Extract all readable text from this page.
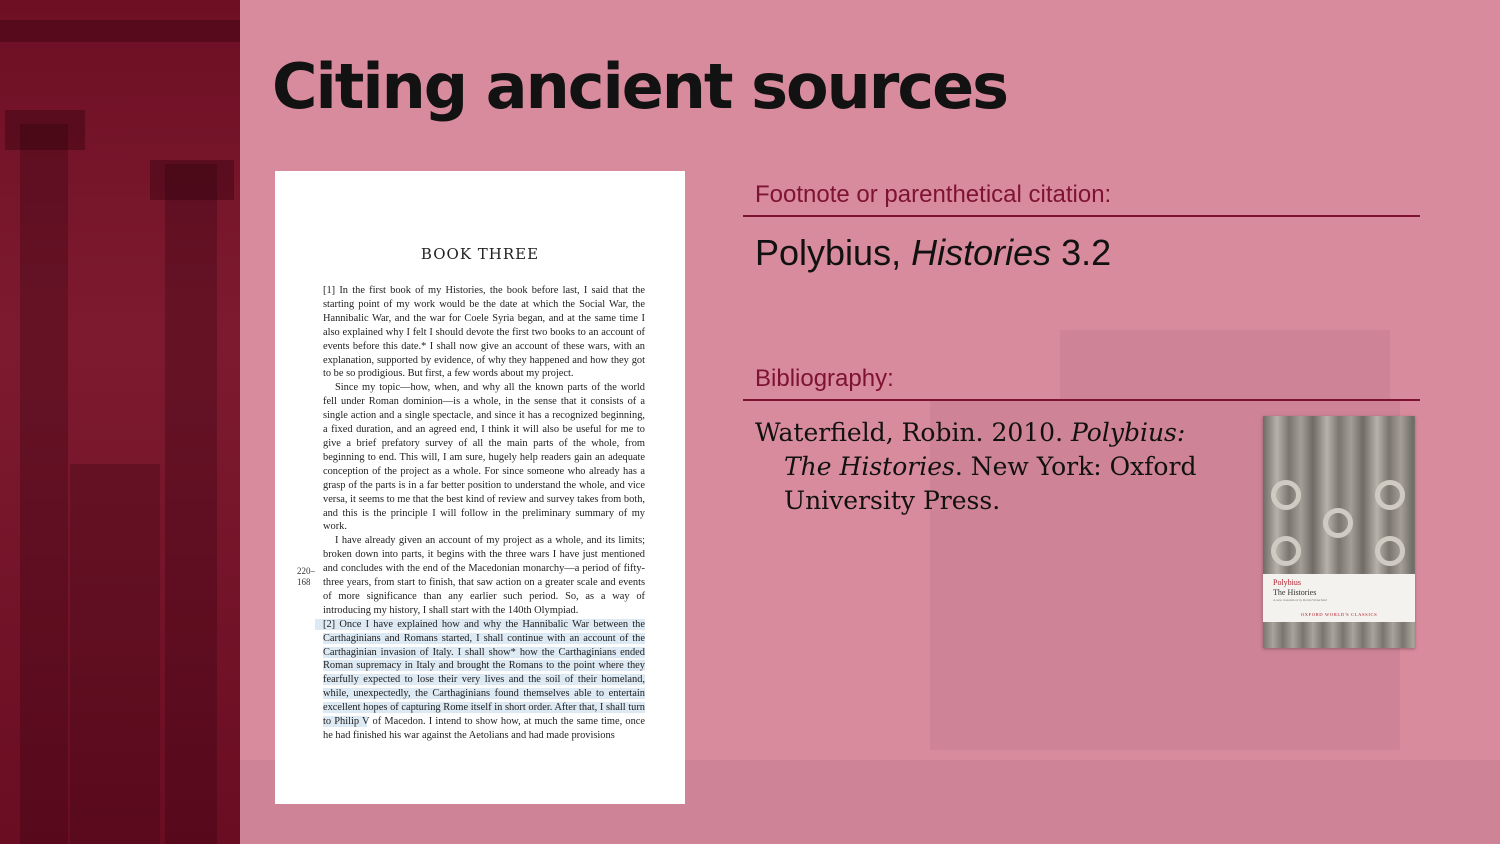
Citing ancient sources
BOOK THREE
220–
168

[1] In the first book of my Histories, the book before last, I said that the starting point of my work would be the date at which the Social War, the Hannibalic War, and the war for Coele Syria began, and at the same time I also explained why I felt I should devote the first two books to an account of events before this date.* I shall now give an account of these wars, with an explanation, supported by evidence, of why they happened and how they got to be so prodigious. But first, a few words about my project.

Since my topic—how, when, and why all the known parts of the world fell under Roman dominion—is a whole, in the sense that it consists of a single action and a single spectacle, and since it has a recognized beginning, a fixed duration, and an agreed end, I think it will also be useful for me to give a brief prefatory survey of all the main parts of the whole, from beginning to end. This will, I am sure, hugely help readers gain an adequate conception of the project as a whole. For since someone who already has a grasp of the parts is in a far better position to understand the whole, and vice versa, it seems to me that the best kind of review and survey takes from both, and this is the principle I will follow in the preliminary summary of my work.

I have already given an account of my project as a whole, and its limits; broken down into parts, it begins with the three wars I have just mentioned and concludes with the end of the Macedonian monarchy—a period of fifty-three years, from start to finish, that saw action on a greater scale and events of more significance than any earlier such period. So, as a way of introducing my history, I shall start with the 140th Olympiad.

[2] Once I have explained how and why the Hannibalic War between the Carthaginians and Romans started, I shall continue with an account of the Carthaginian invasion of Italy. I shall show* how the Carthaginians ended Roman supremacy in Italy and brought the Romans to the point where they fearfully expected to lose their very lives and the soil of their homeland, while, unexpectedly, the Carthaginians found themselves able to entertain excellent hopes of capturing Rome itself in short order. After that, I shall turn to Philip V of Macedon. I intend to show how, at much the same time, once he had finished his war against the Aetolians and had made provisions

Footnote or parenthetical citation:
Polybius, Histories 3.2
Bibliography:
Waterfield, Robin. 2010. Polybius: The Histories. New York: Oxford University Press.
Polybius
The Histories
A new translation by Robin Waterfield
OXFORD WORLD'S CLASSICS
